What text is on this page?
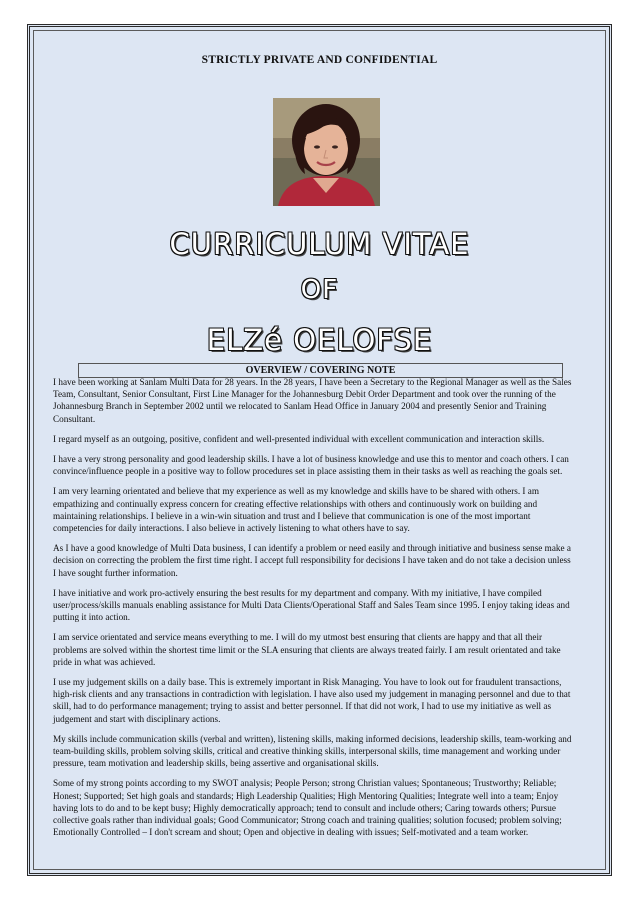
STRICTLY PRIVATE AND CONFIDENTIAL
CURRICULUM VITAE
OF
ELZé OELOFSE
OVERVIEW / COVERING NOTE

I have been working at Sanlam Multi Data for 28 years. In the 28 years, I have been a Secretary to the Regional Manager as well as the Sales Team, Consultant, Senior Consultant, First Line Manager for the Johannesburg Debit Order Department and took over the running of the Johannesburg Branch in September 2002 until we relocated to Sanlam Head Office in January 2004 and presently Senior and Training Consultant.

I regard myself as an outgoing, positive, confident and well-presented individual with excellent communication and interaction skills.

I have a very strong personality and good leadership skills. I have a lot of business knowledge and use this to mentor and coach others. I can convince/influence people in a positive way to follow procedures set in place assisting them in their tasks as well as reaching the goals set.

I am very learning orientated and believe that my experience as well as my knowledge and skills have to be shared with others. I am empathizing and continually express concern for creating effective relationships with others and continuously work on building and maintaining relationships. I believe in a win-win situation and trust and I believe that communication is one of the most important competencies for daily interactions. I also believe in actively listening to what others have to say.

As I have a good knowledge of Multi Data business, I can identify a problem or need easily and through initiative and business sense make a decision on correcting the problem the first time right. I accept full responsibility for decisions I have taken and do not take a decision unless I have sought further information.

I have initiative and work pro-actively ensuring the best results for my department and company. With my initiative, I have compiled user/process/skills manuals enabling assistance for Multi Data Clients/Operational Staff and Sales Team since 1995. I enjoy taking ideas and putting it into action.

I am service orientated and service means everything to me. I will do my utmost best ensuring that clients are happy and that all their problems are solved within the shortest time limit or the SLA ensuring that clients are always treated fairly. I am result orientated and take pride in what was achieved.

I use my judgement skills on a daily base. This is extremely important in Risk Managing. You have to look out for fraudulent transactions, high-risk clients and any transactions in contradiction with legislation. I have also used my judgement in managing personnel and due to that skill, had to do performance management; trying to assist and better personnel. If that did not work, I had to use my initiative as well as judgement and start with disciplinary actions.

My skills include communication skills (verbal and written), listening skills, making informed decisions, leadership skills, team-working and team-building skills, problem solving skills, critical and creative thinking skills, interpersonal skills, time management and working under pressure, team motivation and leadership skills, being assertive and organisational skills.

Some of my strong points according to my SWOT analysis; People Person; strong Christian values; Spontaneous; Trustworthy; Reliable; Honest; Supported; Set high goals and standards; High Leadership Qualities; High Mentoring Qualities; Integrate well into a team; Enjoy having lots to do and to be kept busy; Highly democratically approach; tend to consult and include others; Caring towards others; Pursue collective goals rather than individual goals; Good Communicator; Strong coach and training qualities; solution focused; problem solving; Emotionally Controlled – I don't scream and shout; Open and objective in dealing with issues; Self-motivated and a team worker.
